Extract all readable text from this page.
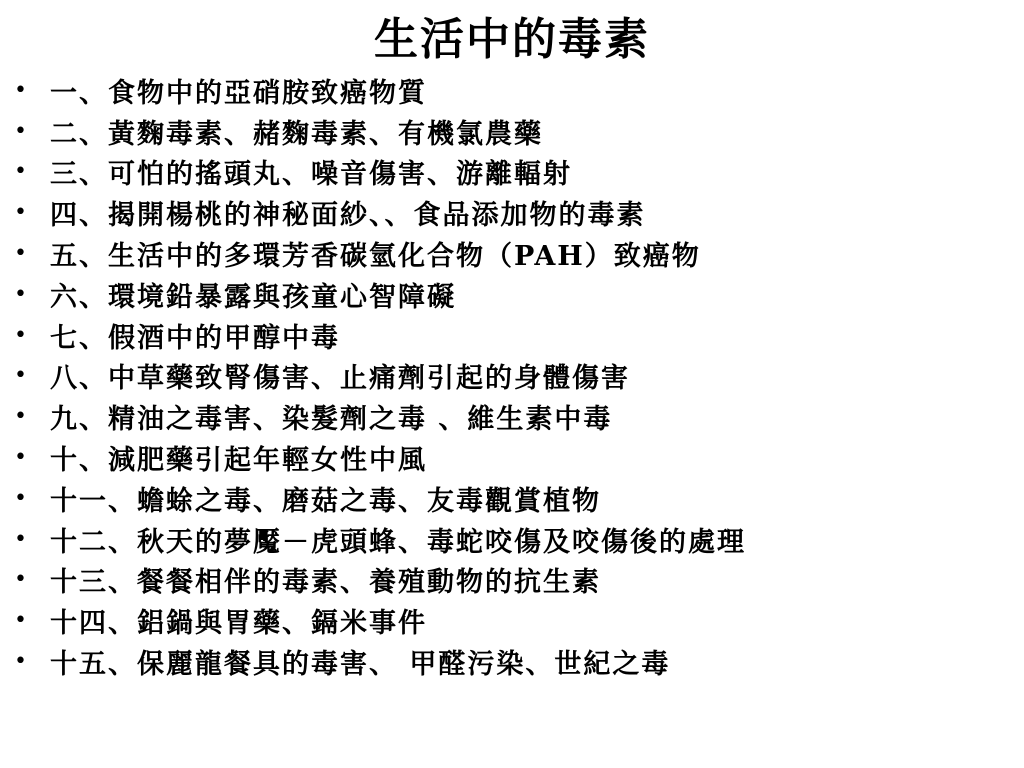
生活中的毒素
• 一、食物中的亞硝胺致癌物質
• 二、黃麴毒素、赭麴毒素、有機氯農藥
• 三、可怕的搖頭丸、噪音傷害、游離輻射
• 四、揭開楊桃的神秘面紗、、食品添加物的毒素
• 五、生活中的多環芳香碳氫化合物（PAH）致癌物
• 六、環境鉛暴露與孩童心智障礙
• 七、假酒中的甲醇中毒
• 八、中草藥致腎傷害、止痛劑引起的身體傷害
• 九、精油之毒害、染髮劑之毒 、維生素中毒
• 十、減肥藥引起年輕女性中風
• 十一、蟾蜍之毒、磨菇之毒、友毒觀賞植物
• 十二、秋天的夢魘－虎頭蜂、毒蛇咬傷及咬傷後的處理
• 十三、餐餐相伴的毒素、養殖動物的抗生素
• 十四、鋁鍋與胃藥、鎘米事件
• 十五、保麗龍餐具的毒害、 甲醛污染、世紀之毒
